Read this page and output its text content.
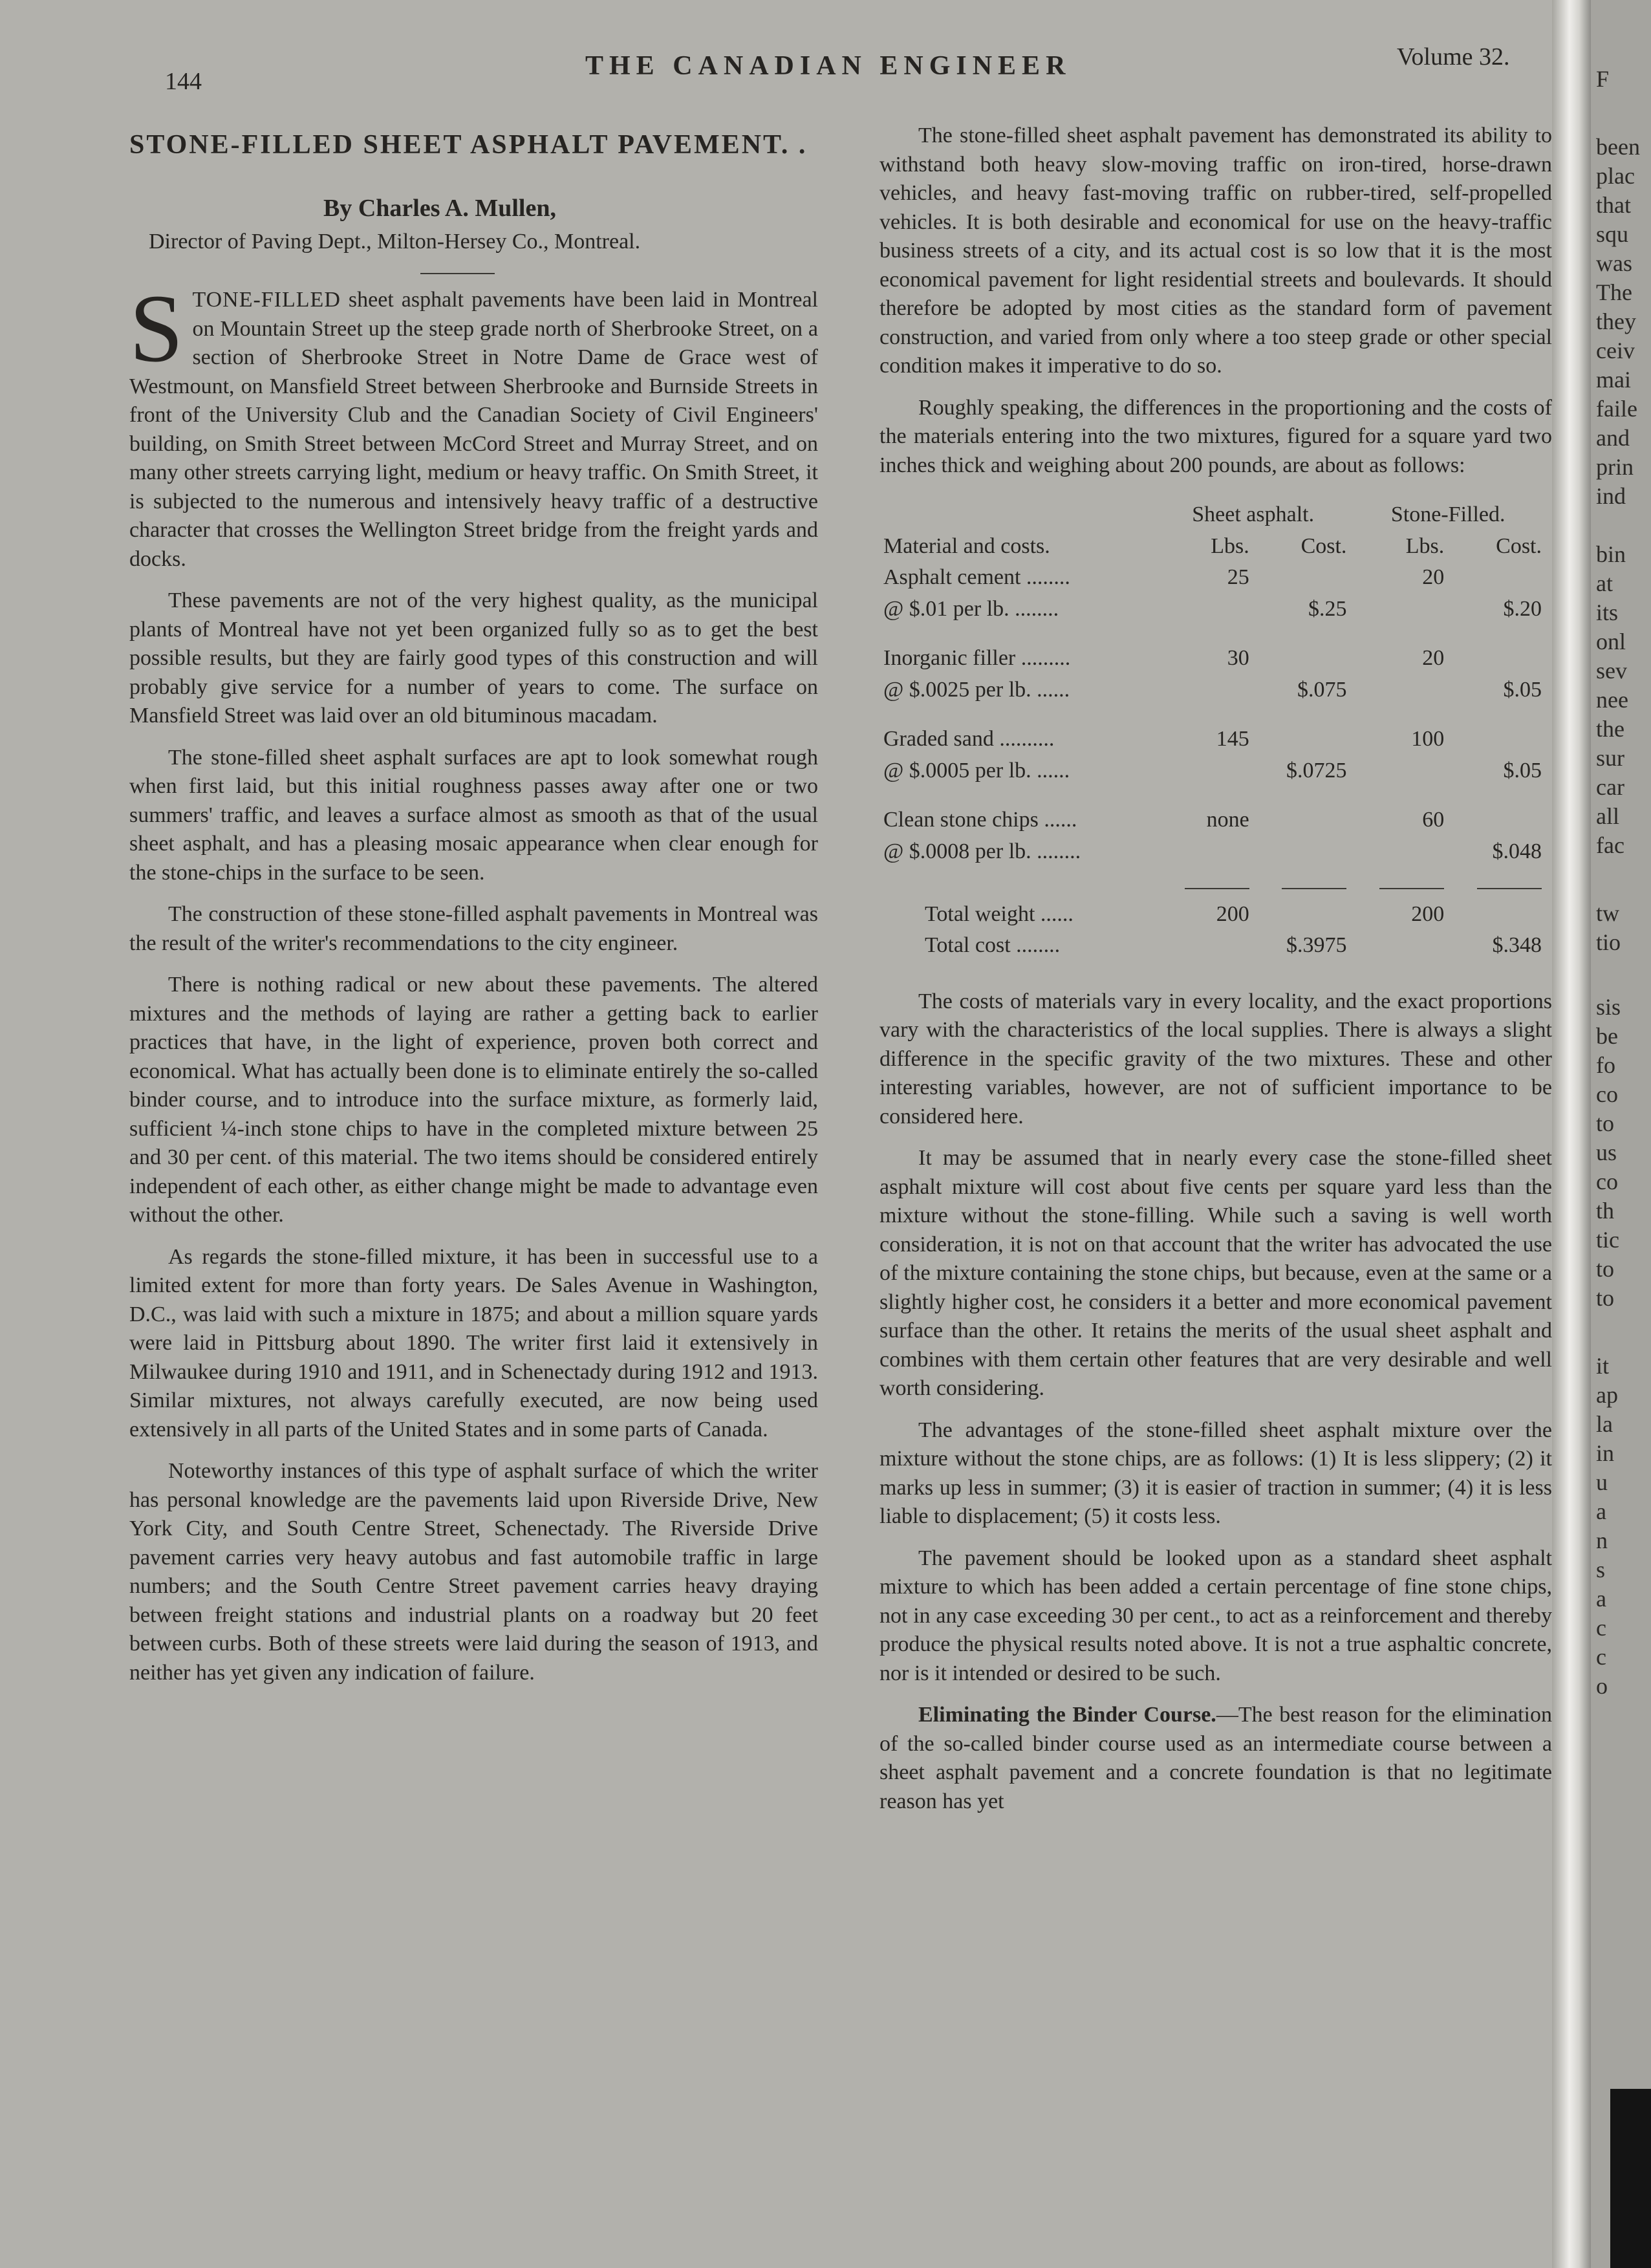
144
THE CANADIAN ENGINEER	Volume 32.
STONE-FILLED SHEET ASPHALT PAVEMENT. .
By Charles A. Mullen,
Director of Paving Dept., Milton-Hersey Co., Montreal.

STONE-FILLED sheet asphalt pavements have been laid in Montreal on Mountain Street up the steep grade north of Sherbrooke Street, on a section of Sherbrooke Street in Notre Dame de Grace west of Westmount, on Mansfield Street between Sherbrooke and Burnside Streets in front of the University Club and the Canadian Society of Civil Engineers' building, on Smith Street between McCord Street and Murray Street, and on many other streets carrying light, medium or heavy traffic. On Smith Street, it is subjected to the numerous and intensively heavy traffic of a destructive character that crosses the Wellington Street bridge from the freight yards and docks.

These pavements are not of the very highest quality, as the municipal plants of Montreal have not yet been organized fully so as to get the best possible results, but they are fairly good types of this construction and will probably give service for a number of years to come. The surface on Mansfield Street was laid over an old bituminous macadam.

The stone-filled sheet asphalt surfaces are apt to look somewhat rough when first laid, but this initial roughness passes away after one or two summers' traffic, and leaves a surface almost as smooth as that of the usual sheet asphalt, and has a pleasing mosaic appearance when clear enough for the stone-chips in the surface to be seen.

The construction of these stone-filled asphalt pavements in Montreal was the result of the writer's recommendations to the city engineer.

There is nothing radical or new about these pavements. The altered mixtures and the methods of laying are rather a getting back to earlier practices that have, in the light of experience, proven both correct and economical. What has actually been done is to eliminate entirely the so-called binder course, and to introduce into the surface mixture, as formerly laid, sufficient ¼-inch stone chips to have in the completed mixture between 25 and 30 per cent. of this material. The two items should be considered entirely independent of each other, as either change might be made to advantage even without the other.

As regards the stone-filled mixture, it has been in successful use to a limited extent for more than forty years. De Sales Avenue in Washington, D.C., was laid with such a mixture in 1875; and about a million square yards were laid in Pittsburg about 1890. The writer first laid it extensively in Milwaukee during 1910 and 1911, and in Schenectady during 1912 and 1913. Similar mixtures, not always carefully executed, are now being used extensively in all parts of the United States and in some parts of Canada.

Noteworthy instances of this type of asphalt surface of which the writer has personal knowledge are the pavements laid upon Riverside Drive, New York City, and South Centre Street, Schenectady. The Riverside Drive pavement carries very heavy autobus and fast automobile traffic in large numbers; and the South Centre Street pavement carries heavy draying between freight stations and industrial plants on a roadway but 20 feet between curbs. Both of these streets were laid during the season of 1913, and neither has yet given any indication of failure.

The stone-filled sheet asphalt pavement has demonstrated its ability to withstand both heavy slow-moving traffic on iron-tired, horse-drawn vehicles, and heavy fast-moving traffic on rubber-tired, self-propelled vehicles. It is both desirable and economical for use on the heavy-traffic business streets of a city, and its actual cost is so low that it is the most economical pavement for light residential streets and boulevards. It should therefore be adopted by most cities as the standard form of pavement construction, and varied from only where a too steep grade or other special condition makes it imperative to do so.

Roughly speaking, the differences in the proportioning and the costs of the materials entering into the two mixtures, figured for a square yard two inches thick and weighing about 200 pounds, are about as follows:

	Sheet asphalt.		Stone-Filled.	
Material and costs.	Lbs.	Cost.	Lbs.	Cost.
Asphalt cement ........	25		20	
@ $.01 per lb. ........		$.25		$.20

Inorganic filler .........	30		20	
@ $.0025 per lb. ......		$.075		$.05

Graded sand ..........	145		100	
@ $.0005 per lb. ......		$.0725		$.05

Clean stone chips ......	none		60	
@ $.0008 per lb. ........				$.048

Total weight ......	200		200	
Total cost ........		$.3975		$.348

The costs of materials vary in every locality, and the exact proportions vary with the characteristics of the local supplies. There is always a slight difference in the specific gravity of the two mixtures. These and other interesting variables, however, are not of sufficient importance to be considered here.

It may be assumed that in nearly every case the stone-filled sheet asphalt mixture will cost about five cents per square yard less than the mixture without the stone-filling. While such a saving is well worth consideration, it is not on that account that the writer has advocated the use of the mixture containing the stone chips, but because, even at the same or a slightly higher cost, he considers it a better and more economical pavement surface than the other. It retains the merits of the usual sheet asphalt and combines with them certain other features that are very desirable and well worth considering.

The advantages of the stone-filled sheet asphalt mixture over the mixture without the stone chips, are as follows: (1) It is less slippery; (2) it marks up less in summer; (3) it is easier of traction in summer; (4) it is less liable to displacement; (5) it costs less.

The pavement should be looked upon as a standard sheet asphalt mixture to which has been added a certain percentage of fine stone chips, not in any case exceeding 30 per cent., to act as a reinforcement and thereby produce the physical results noted above. It is not a true asphaltic concrete, nor is it intended or desired to be such.

Eliminating the Binder Course.—The best reason for the elimination of the so-called binder course used as an intermediate course between a sheet asphalt pavement and a concrete foundation is that no legitimate reason has yet

F
been
plac
that
squ
was
The
they
ceiv
mai
faile
and
prin
ind
bin
at
its
onl
sev
nee
the
sur
car
all
fac
tw
tio
sis
be
fo
co
to
us
co
th
tic
to
to
it
ap
la
in
u
a
n
s
a
c
c
o
